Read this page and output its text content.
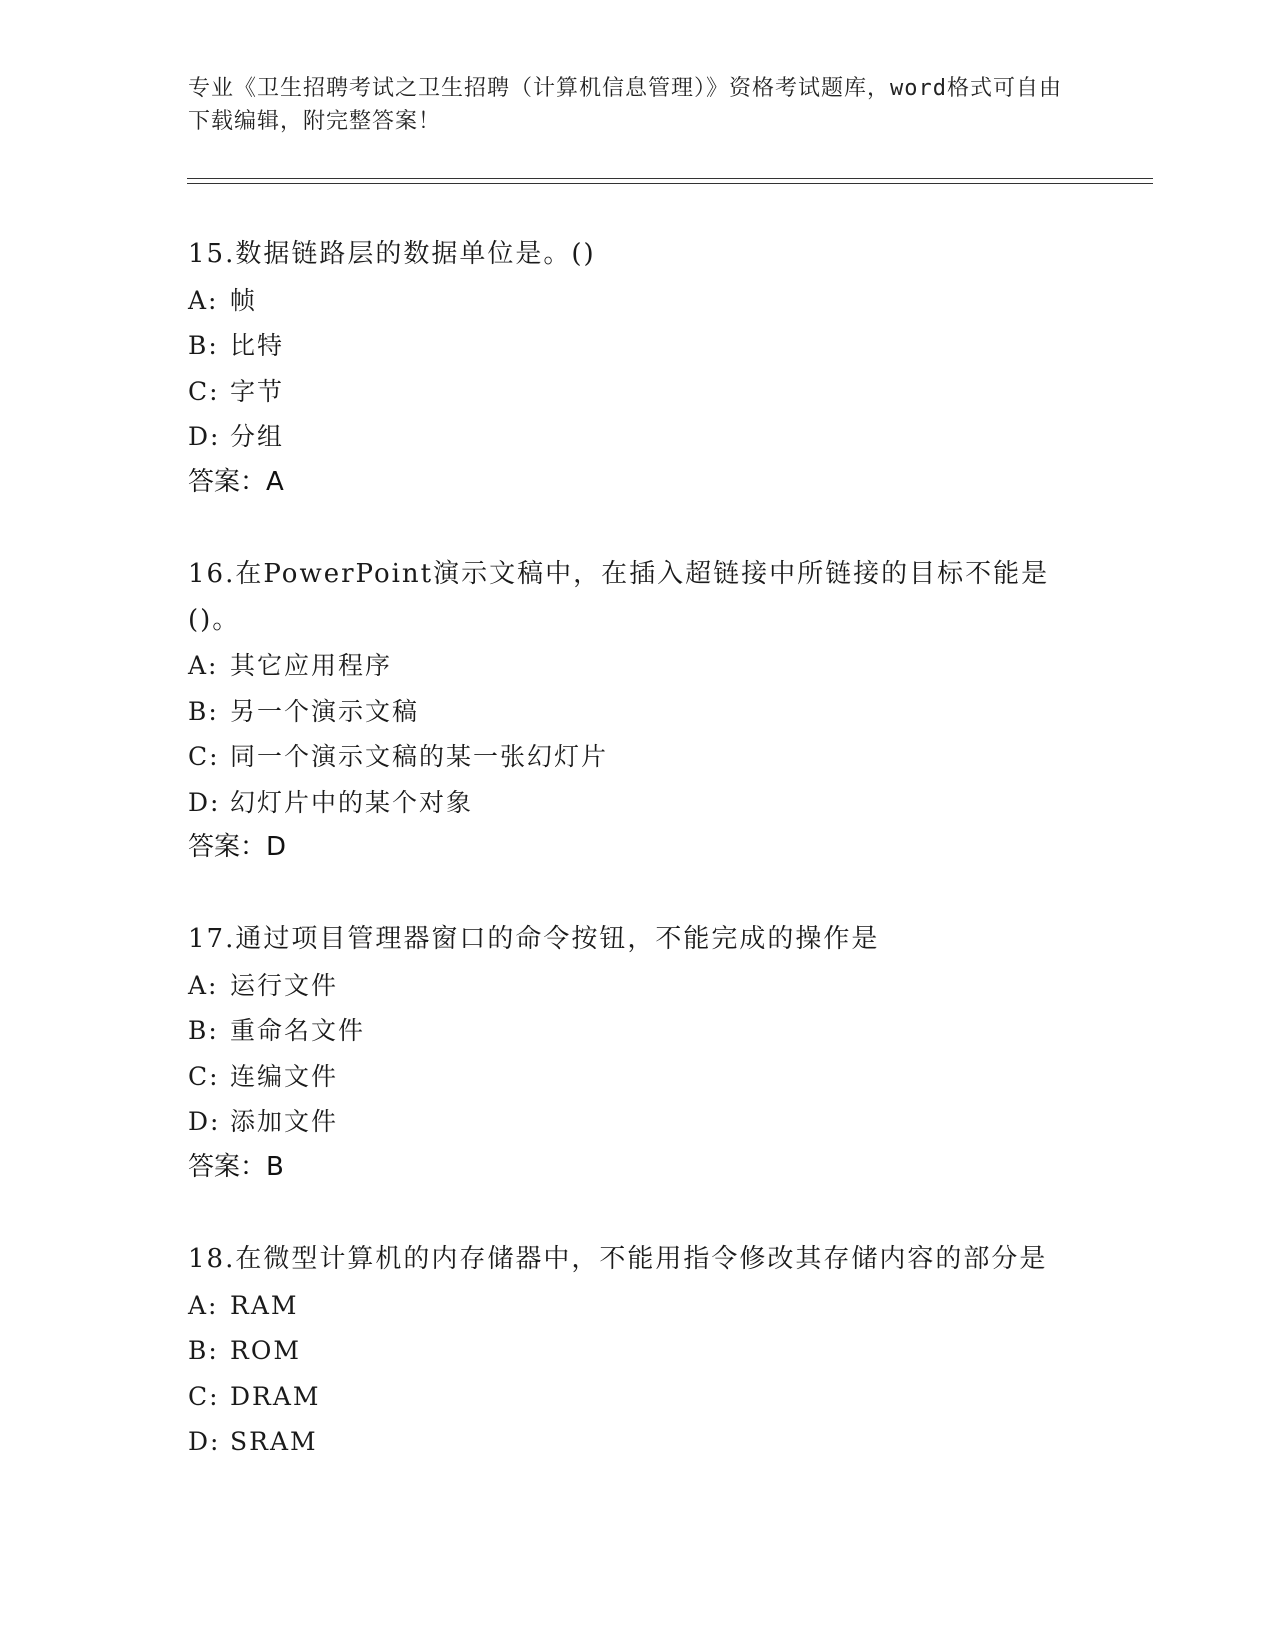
专业《卫生招聘考试之卫生招聘（计算机信息管理）》资格考试题库，word格式可自由下载编辑，附完整答案！
15.数据链路层的数据单位是。()
A: 帧
B: 比特
C: 字节
D: 分组
答案：A
16.在PowerPoint演示文稿中，在插入超链接中所链接的目标不能是()。
A: 其它应用程序
B: 另一个演示文稿
C: 同一个演示文稿的某一张幻灯片
D: 幻灯片中的某个对象
答案：D
17.通过项目管理器窗口的命令按钮，不能完成的操作是
A: 运行文件
B: 重命名文件
C: 连编文件
D: 添加文件
答案：B
18.在微型计算机的内存储器中，不能用指令修改其存储内容的部分是
A: RAM
B: ROM
C: DRAM
D: SRAM
